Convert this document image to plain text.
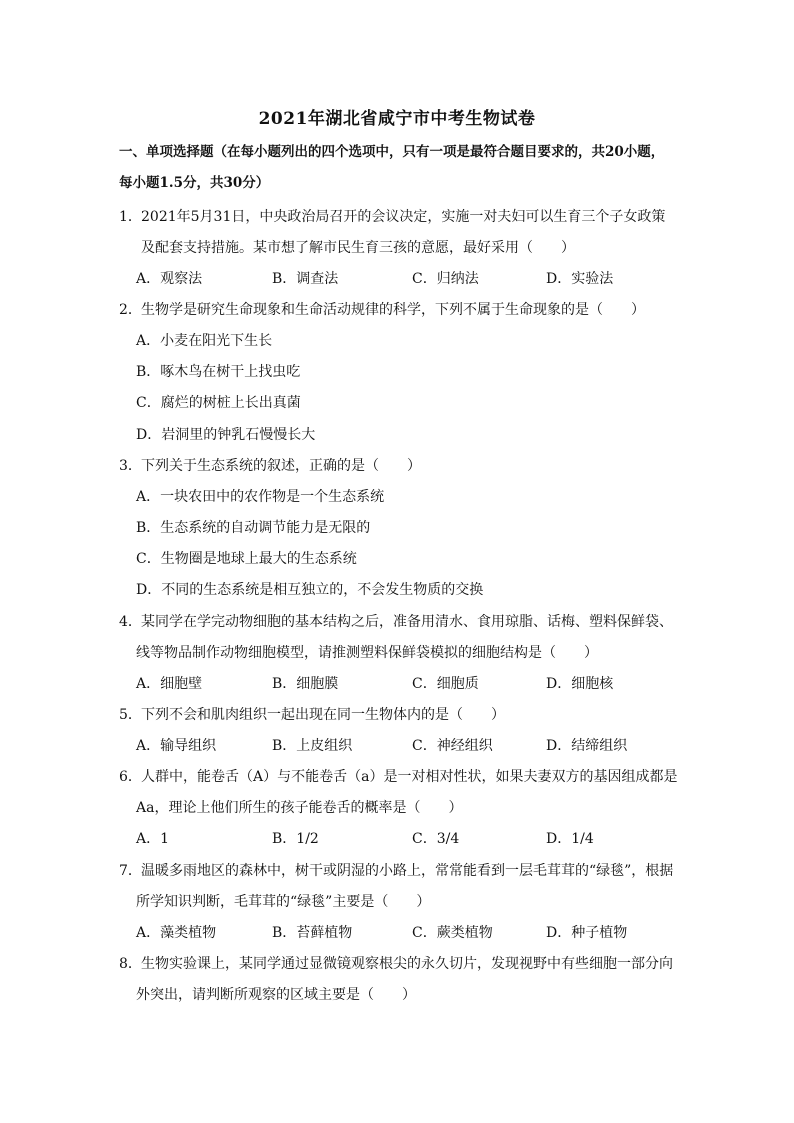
2021年湖北省咸宁市中考生物试卷
一、单项选择题（在每小题列出的四个选项中，只有一项是最符合题目要求的，共20小题，
每小题1.5分，共30分）
1． 2021年5月31日，中央政治局召开的会议决定，实施一对夫妇可以生育三个子女政策
及配套支持措施。某市想了解市民生育三孩的意愿，最好采用（　　）
A．观察法	B．调查法	C．归纳法	D．实验法
2． 生物学是研究生命现象和生命活动规律的科学，下列不属于生命现象的是（　　）
A．小麦在阳光下生长
B．啄木鸟在树干上找虫吃
C．腐烂的树桩上长出真菌
D．岩洞里的钟乳石慢慢长大
3． 下列关于生态系统的叙述，正确的是（　　）
A．一块农田中的农作物是一个生态系统
B．生态系统的自动调节能力是无限的
C．生物圈是地球上最大的生态系统
D．不同的生态系统是相互独立的，不会发生物质的交换
4． 某同学在学完动物细胞的基本结构之后，准备用清水、食用琼脂、话梅、塑料保鲜袋、
线等物品制作动物细胞模型，请推测塑料保鲜袋模拟的细胞结构是（　　）
A．细胞壁	B．细胞膜	C．细胞质	D．细胞核
5． 下列不会和肌肉组织一起出现在同一生物体内的是（　　）
A．输导组织	B．上皮组织	C．神经组织	D．结缔组织
6． 人群中，能卷舌（A）与不能卷舌（a）是一对相对性状，如果夫妻双方的基因组成都是
Aa，理论上他们所生的孩子能卷舌的概率是（　　）
A．1	B．1/2	C．3/4	D．1/4
7． 温暖多雨地区的森林中，树干或阴湿的小路上，常常能看到一层毛茸茸的“绿毯”，根据
所学知识判断，毛茸茸的“绿毯”主要是（　　）
A．藻类植物	B．苔藓植物	C．蕨类植物	D．种子植物
8． 生物实验课上，某同学通过显微镜观察根尖的永久切片，发现视野中有些细胞一部分向
外突出，请判断所观察的区域主要是（　　）
